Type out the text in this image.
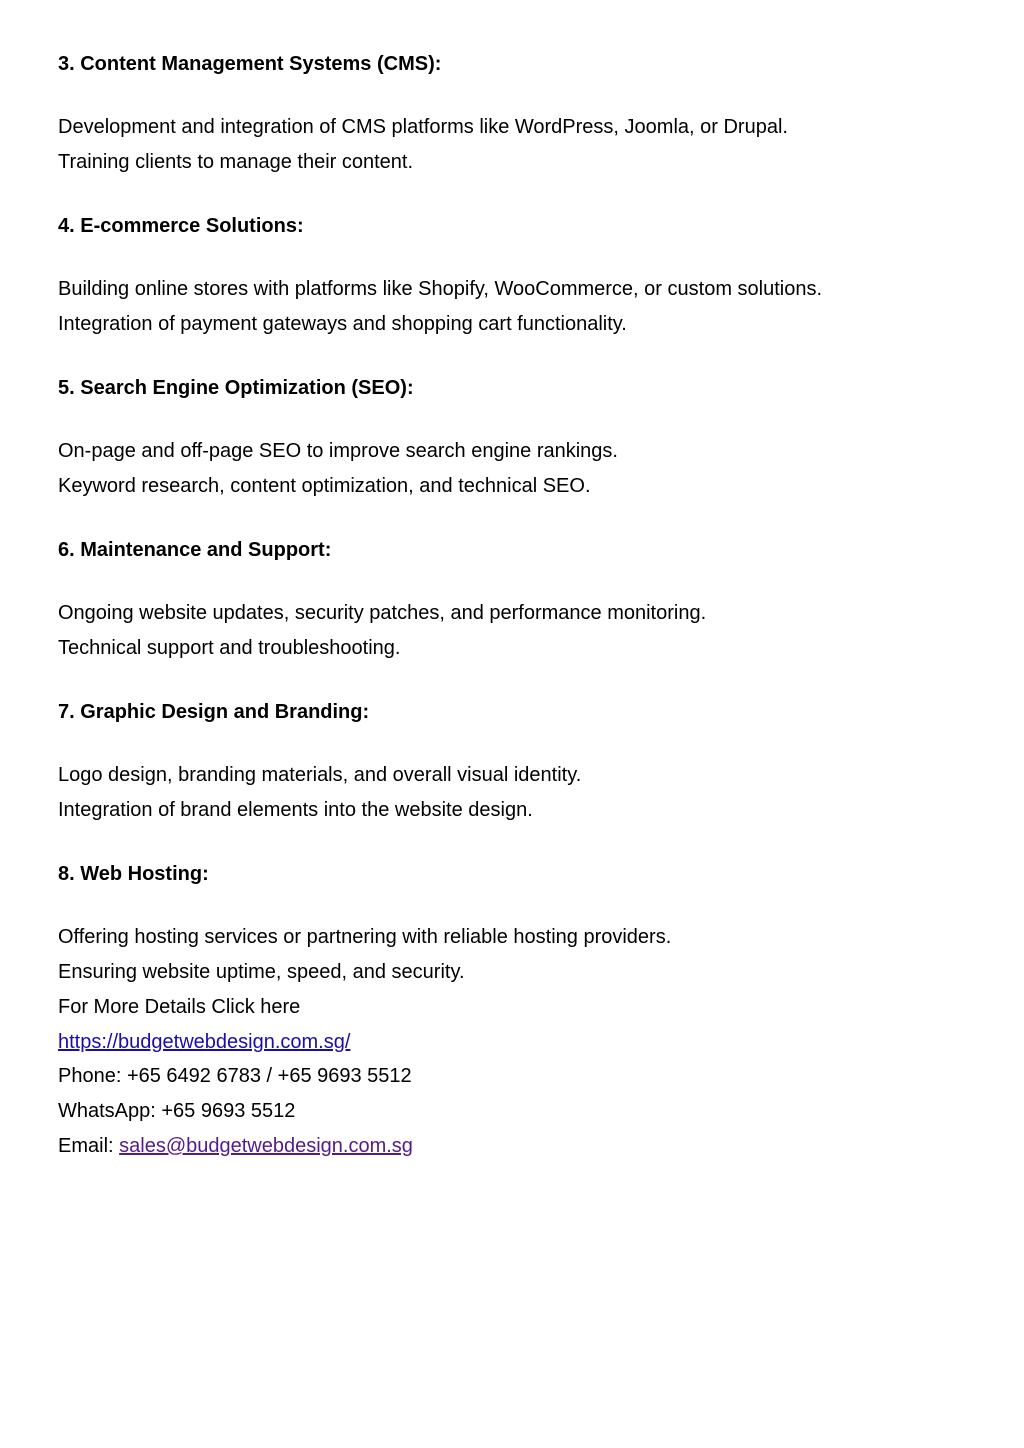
3. Content Management Systems (CMS):
Development and integration of CMS platforms like WordPress, Joomla, or Drupal.
Training clients to manage their content.
4. E-commerce Solutions:
Building online stores with platforms like Shopify, WooCommerce, or custom solutions.
Integration of payment gateways and shopping cart functionality.
5. Search Engine Optimization (SEO):
On-page and off-page SEO to improve search engine rankings.
Keyword research, content optimization, and technical SEO.
6. Maintenance and Support:
Ongoing website updates, security patches, and performance monitoring.
Technical support and troubleshooting.
7. Graphic Design and Branding:
Logo design, branding materials, and overall visual identity.
Integration of brand elements into the website design.
8. Web Hosting:
Offering hosting services or partnering with reliable hosting providers.
Ensuring website uptime, speed, and security.
For More Details Click here
https://budgetwebdesign.com.sg/
Phone: +65 6492 6783 / +65 9693 5512
WhatsApp: +65 9693 5512
Email: sales@budgetwebdesign.com.sg
